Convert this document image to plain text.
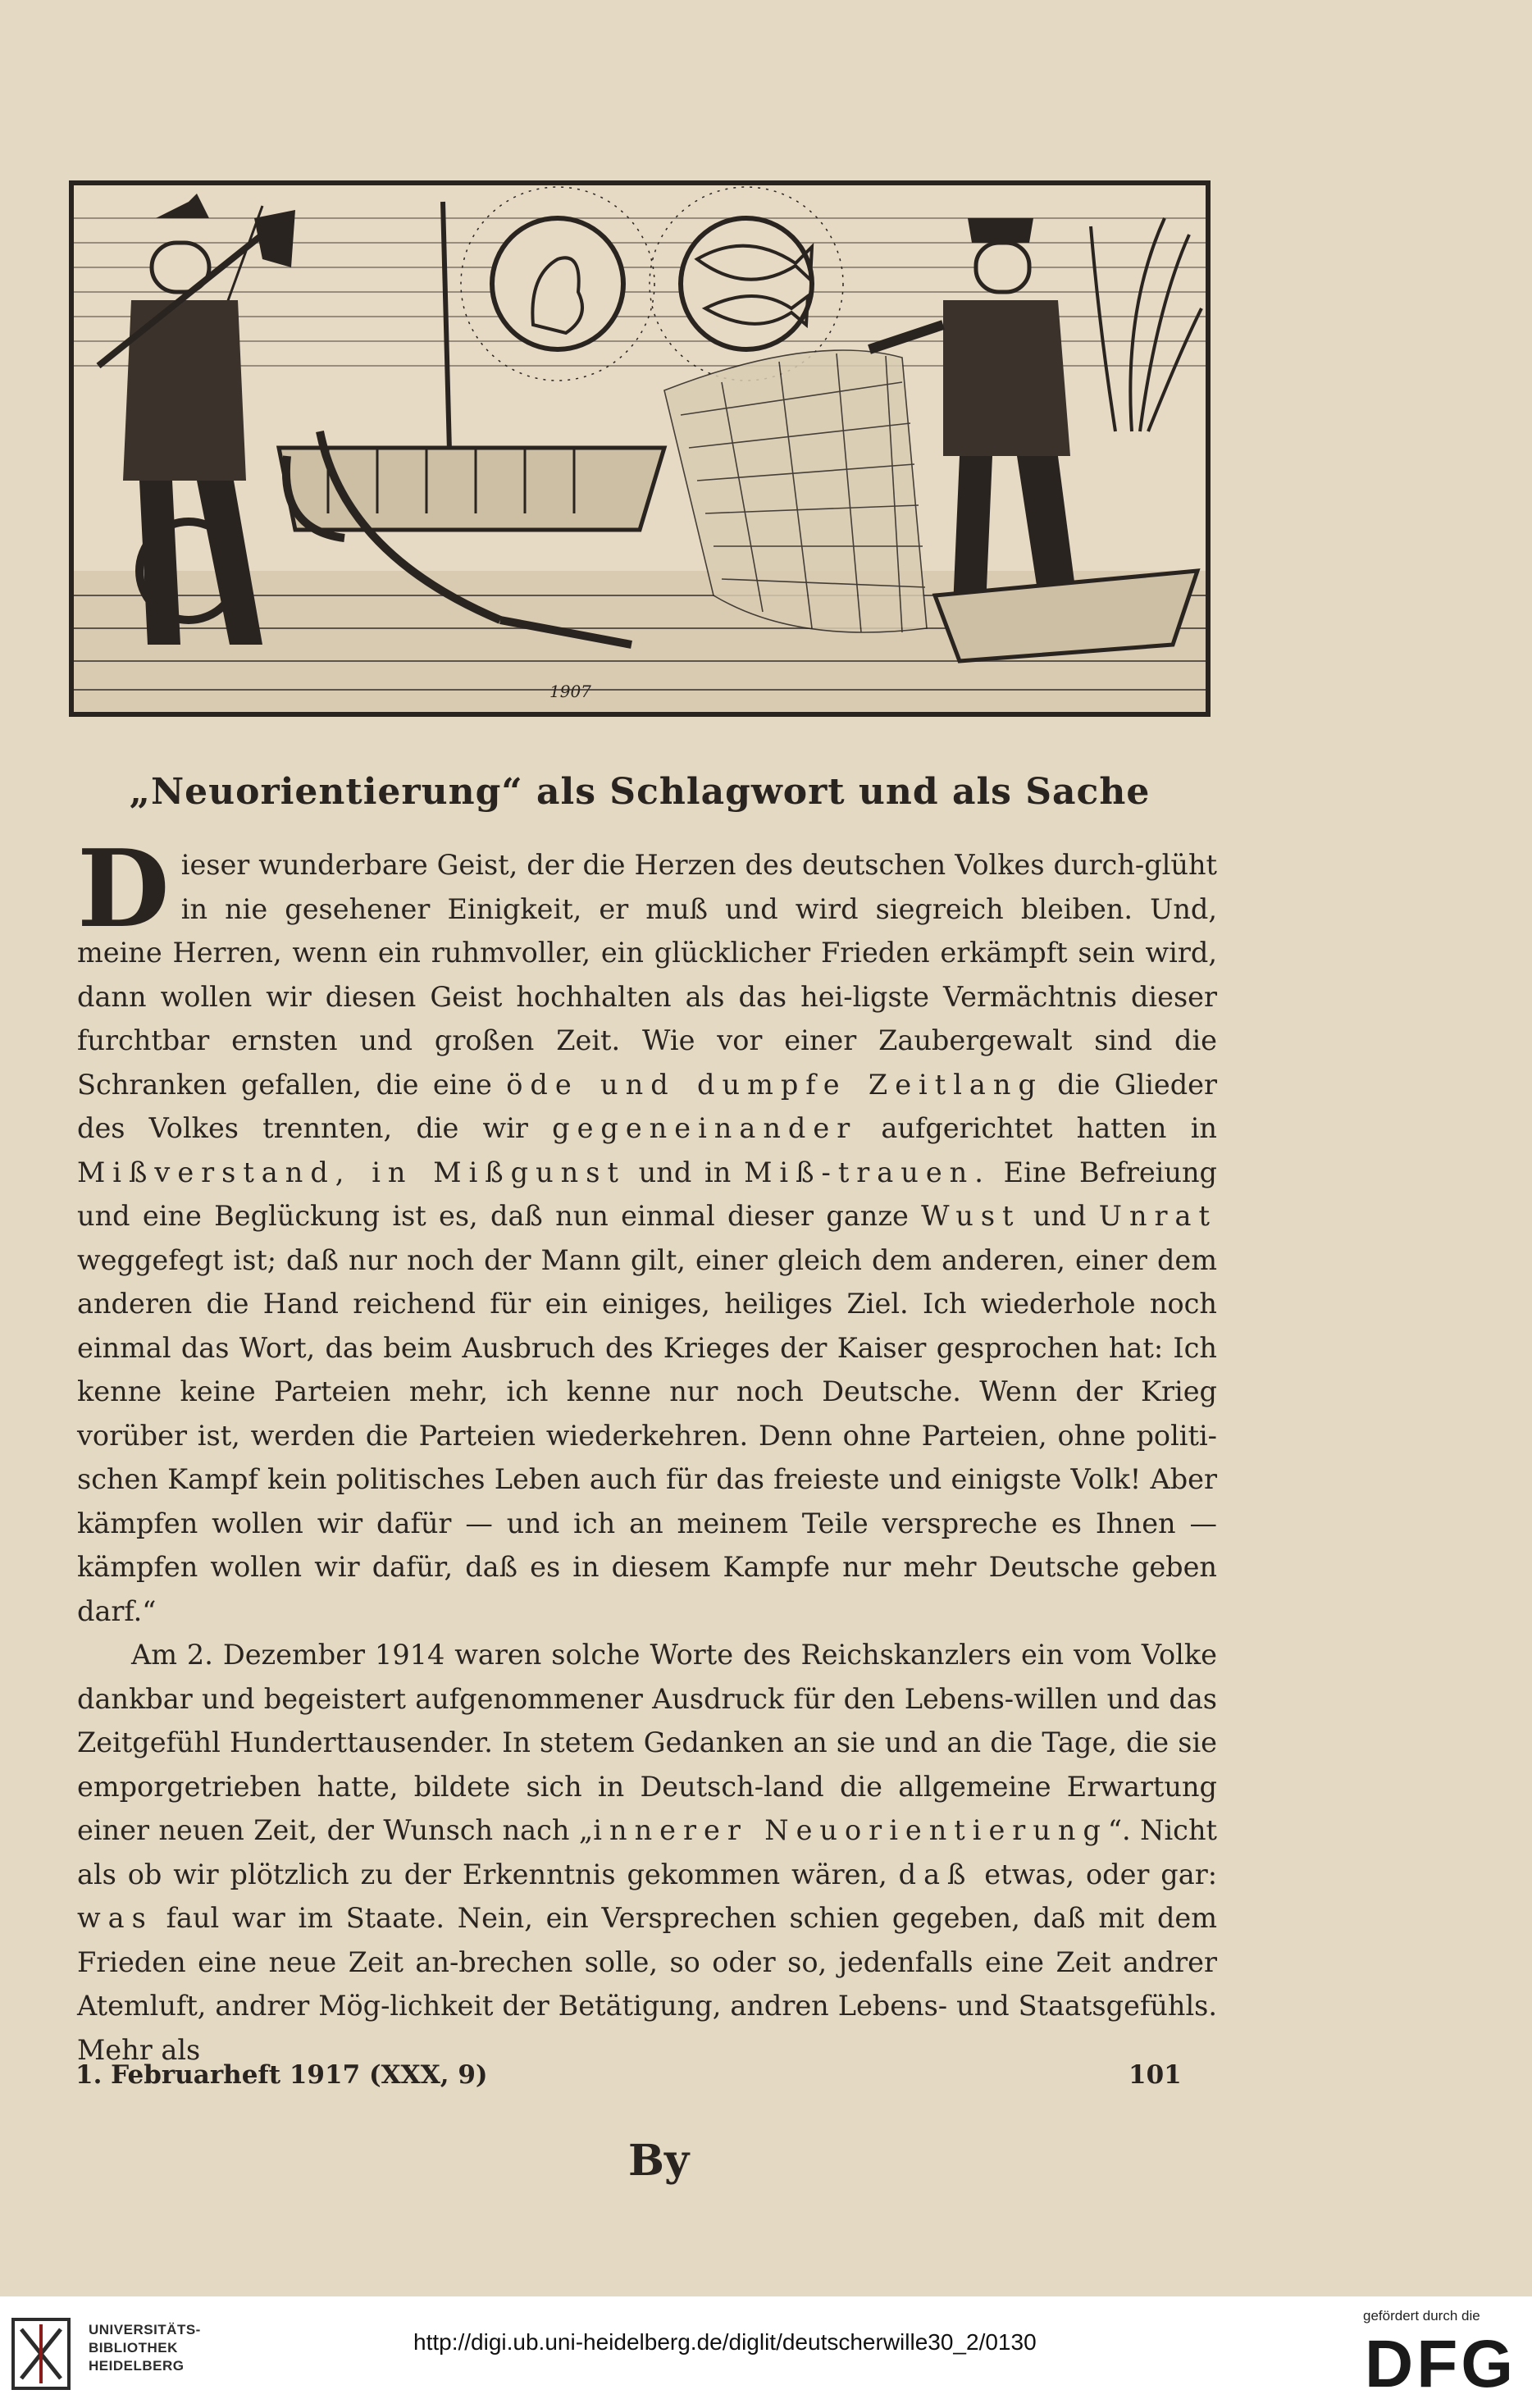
1907
„Neuorientierung“ als Schlagwort und als Sache

Dieser wunderbare Geist, der die Herzen des deutschen Volkes durch-glüht in nie gesehener Einigkeit, er muß und wird siegreich bleiben. Und, meine Herren, wenn ein ruhmvoller, ein glücklicher Frieden erkämpft sein wird, dann wollen wir diesen Geist hochhalten als das hei-ligste Vermächtnis dieser furchtbar ernsten und großen Zeit. Wie vor einer Zaubergewalt sind die Schranken gefallen, die eine öde und dumpfe Zeitlang die Glieder des Volkes trennten, die wir gegeneinander aufgerichtet hatten in Mißverstand, in Mißgunst und in Miß-trauen. Eine Befreiung und eine Beglückung ist es, daß nun einmal dieser ganze Wust und Unrat weggefegt ist; daß nur noch der Mann gilt, einer gleich dem anderen, einer dem anderen die Hand reichend für ein einiges, heiliges Ziel. Ich wiederhole noch einmal das Wort, das beim Ausbruch des Krieges der Kaiser gesprochen hat: Ich kenne keine Parteien mehr, ich kenne nur noch Deutsche. Wenn der Krieg vorüber ist, werden die Parteien wiederkehren. Denn ohne Parteien, ohne politi-schen Kampf kein politisches Leben auch für das freieste und einigste Volk! Aber kämpfen wollen wir dafür — und ich an meinem Teile verspreche es Ihnen — kämpfen wollen wir dafür, daß es in diesem Kampfe nur mehr Deutsche geben darf.“

Am 2. Dezember 1914 waren solche Worte des Reichskanzlers ein vom Volke dankbar und begeistert aufgenommener Ausdruck für den Lebens-willen und das Zeitgefühl Hunderttausender. In stetem Gedanken an sie und an die Tage, die sie emporgetrieben hatte, bildete sich in Deutsch-land die allgemeine Erwartung einer neuen Zeit, der Wunsch nach „innerer Neuorientierung“. Nicht als ob wir plötzlich zu der Erkenntnis gekommen wären, daß etwas, oder gar: was faul war im Staate. Nein, ein Versprechen schien gegeben, daß mit dem Frieden eine neue Zeit an-brechen solle, so oder so, jedenfalls eine Zeit andrer Atemluft, andrer Mög-lichkeit der Betätigung, andren Lebens- und Staatsgefühls. Mehr als

1. Februarheft 1917 (XXX, 9)	101
By
UNIVERSITÄTS-
BIBLIOTHEK
HEIDELBERG
http://digi.ub.uni-heidelberg.de/diglit/deutscherwille30_2/0130
gefördert durch die
DFG
